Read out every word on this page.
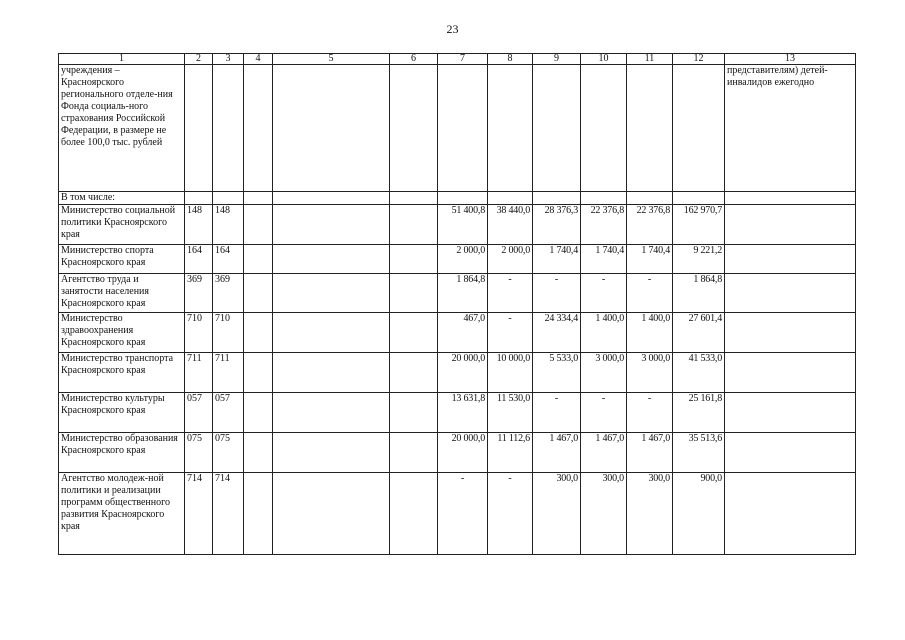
23
1	2	3	4	5	6	7	8	9	10	11	12	13
учреждения – Красноярского регионального отделе-ния Фонда социаль-ного страхования Российской Федерации, в размере не более 100,0 тыс. рублей												представителям) детей-инвалидов ежегодно
В том числе:												
Министерство социальной политики Красноярского края	148	148				51 400,8	38 440,0	28 376,3	22 376,8	22 376,8	162 970,7	
Министерство спорта Красноярского края	164	164				2 000,0	2 000,0	1 740,4	1 740,4	1 740,4	9 221,2	
Агентство труда и занятости населения Красноярского края	369	369				1 864,8	-	-	-	-	1 864,8	
Министерство здравоохранения Красноярского края	710	710				467,0	-	24 334,4	1 400,0	1 400,0	27 601,4	
Министерство транспорта Красноярского края	711	711				20 000,0	10 000,0	5 533,0	3 000,0	3 000,0	41 533,0	
Министерство культуры Красноярского края	057	057				13 631,8	11 530,0	-	-	-	25 161,8	
Министерство образования Красноярского края	075	075				20 000,0	11 112,6	1 467,0	1 467,0	1 467,0	35 513,6	
Агентство молодеж-ной политики и реализации программ общественного развития Красноярского края	714	714				-	-	300,0	300,0	300,0	900,0	
